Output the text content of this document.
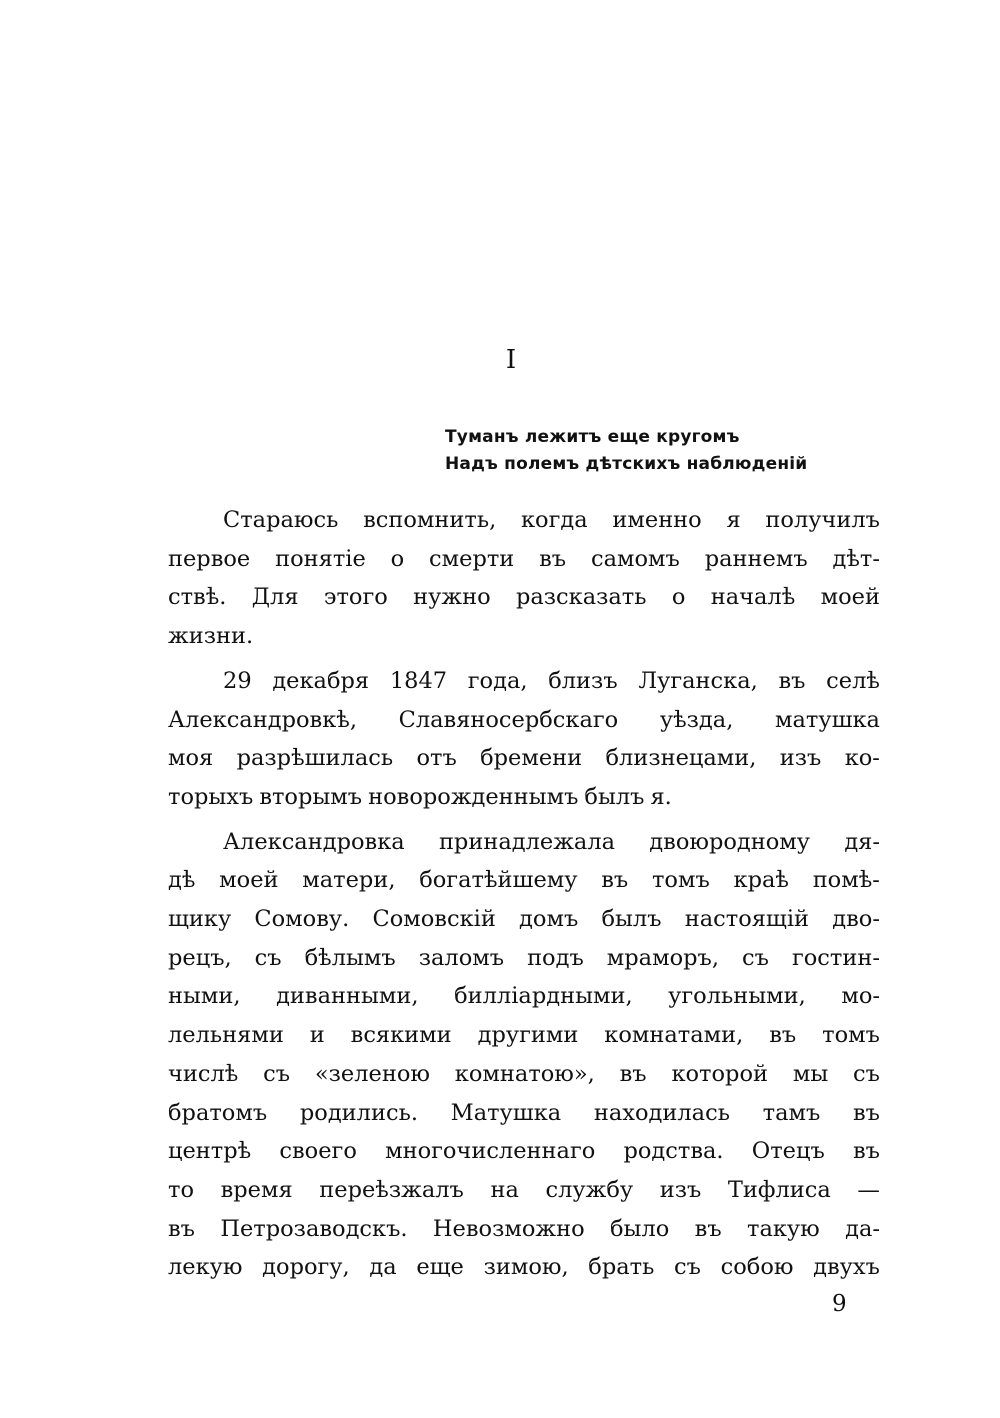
I
Туманъ лежитъ еще кругомъ
Надъ полемъ дѣтскихъ наблюденій
Стараюсь вспомнить, когда именно я получилъ
первое понятіе о смерти въ самомъ раннемъ дѣт-
ствѣ. Для этого нужно разсказать о началѣ моей
жизни.
29 декабря 1847 года, близъ Луганска, въ селѣ
Александровкѣ, Славяносербскаго уѣзда, матушка
моя разрѣшилась отъ бремени близнецами, изъ ко-
торыхъ вторымъ новорожденнымъ былъ я.
Александровка принадлежала двоюродному дя-
дѣ моей матери, богатѣйшему въ томъ краѣ помѣ-
щику Сомову. Сомовскій домъ былъ настоящій дво-
рецъ, съ бѣлымъ заломъ подъ мраморъ, съ гостин-
ными, диванными, билліардными, угольными, мо-
лельнями и всякими другими комнатами, въ томъ
числѣ съ «зеленою комнатою», въ которой мы съ
братомъ родились. Матушка находилась тамъ въ
центрѣ своего многочисленнаго родства. Отецъ въ
то время переѣзжалъ на службу изъ Тифлиса —
въ Петрозаводскъ. Невозможно было въ такую да-
лекую дорогу, да еще зимою, брать съ собою двухъ
9
